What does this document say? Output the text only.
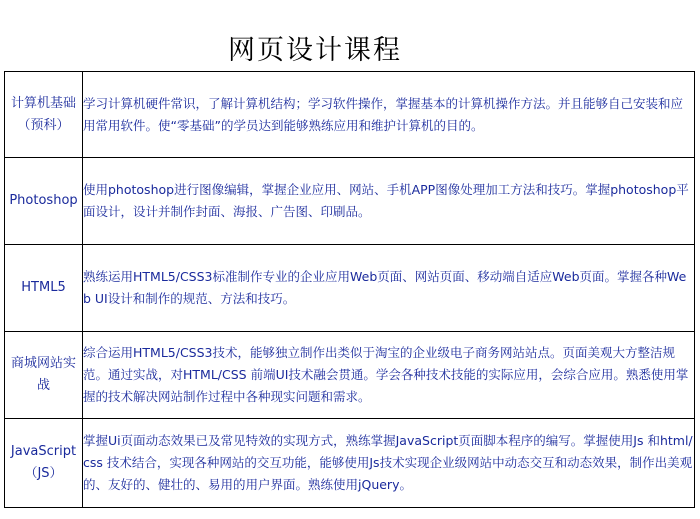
网页设计课程
计算机基础
（预科）	学习计算机硬件常识，了解计算机结构；学习软件操作，掌握基本的计算机操作方法。并且能够自己安装和应用常用软件。使“零基础”的学员达到能够熟练应用和维护计算机的目的。

Photoshop	使用photoshop进行图像编辑，掌握企业应用、网站、手机APP图像处理加工方法和技巧。掌握photoshop平面设计，设计并制作封面、海报、广告图、印刷品。

HTML5	熟练运用HTML5/CSS3标准制作专业的企业应用Web页面、网站页面、移动端自适应Web页面。掌握各种Web UI设计和制作的规范、方法和技巧。

商城网站实
战	综合运用HTML5/CSS3技术，能够独立制作出类似于淘宝的企业级电子商务网站站点。页面美观大方整洁规范。通过实战，对HTML/CSS 前端UI技术融会贯通。学会各种技术技能的实际应用，会综合应用。熟悉使用掌握的技术解决网站制作过程中各种现实问题和需求。

JavaScript
（JS）	掌握Ui页面动态效果已及常见特效的实现方式，熟练掌握JavaScript页面脚本程序的编写。掌握使用Js 和html/css 技术结合，实现各种网站的交互功能，能够使用Js技术实现企业级网站中动态交互和动态效果，制作出美观的、友好的、健壮的、易用的用户界面。熟练使用jQuery。
